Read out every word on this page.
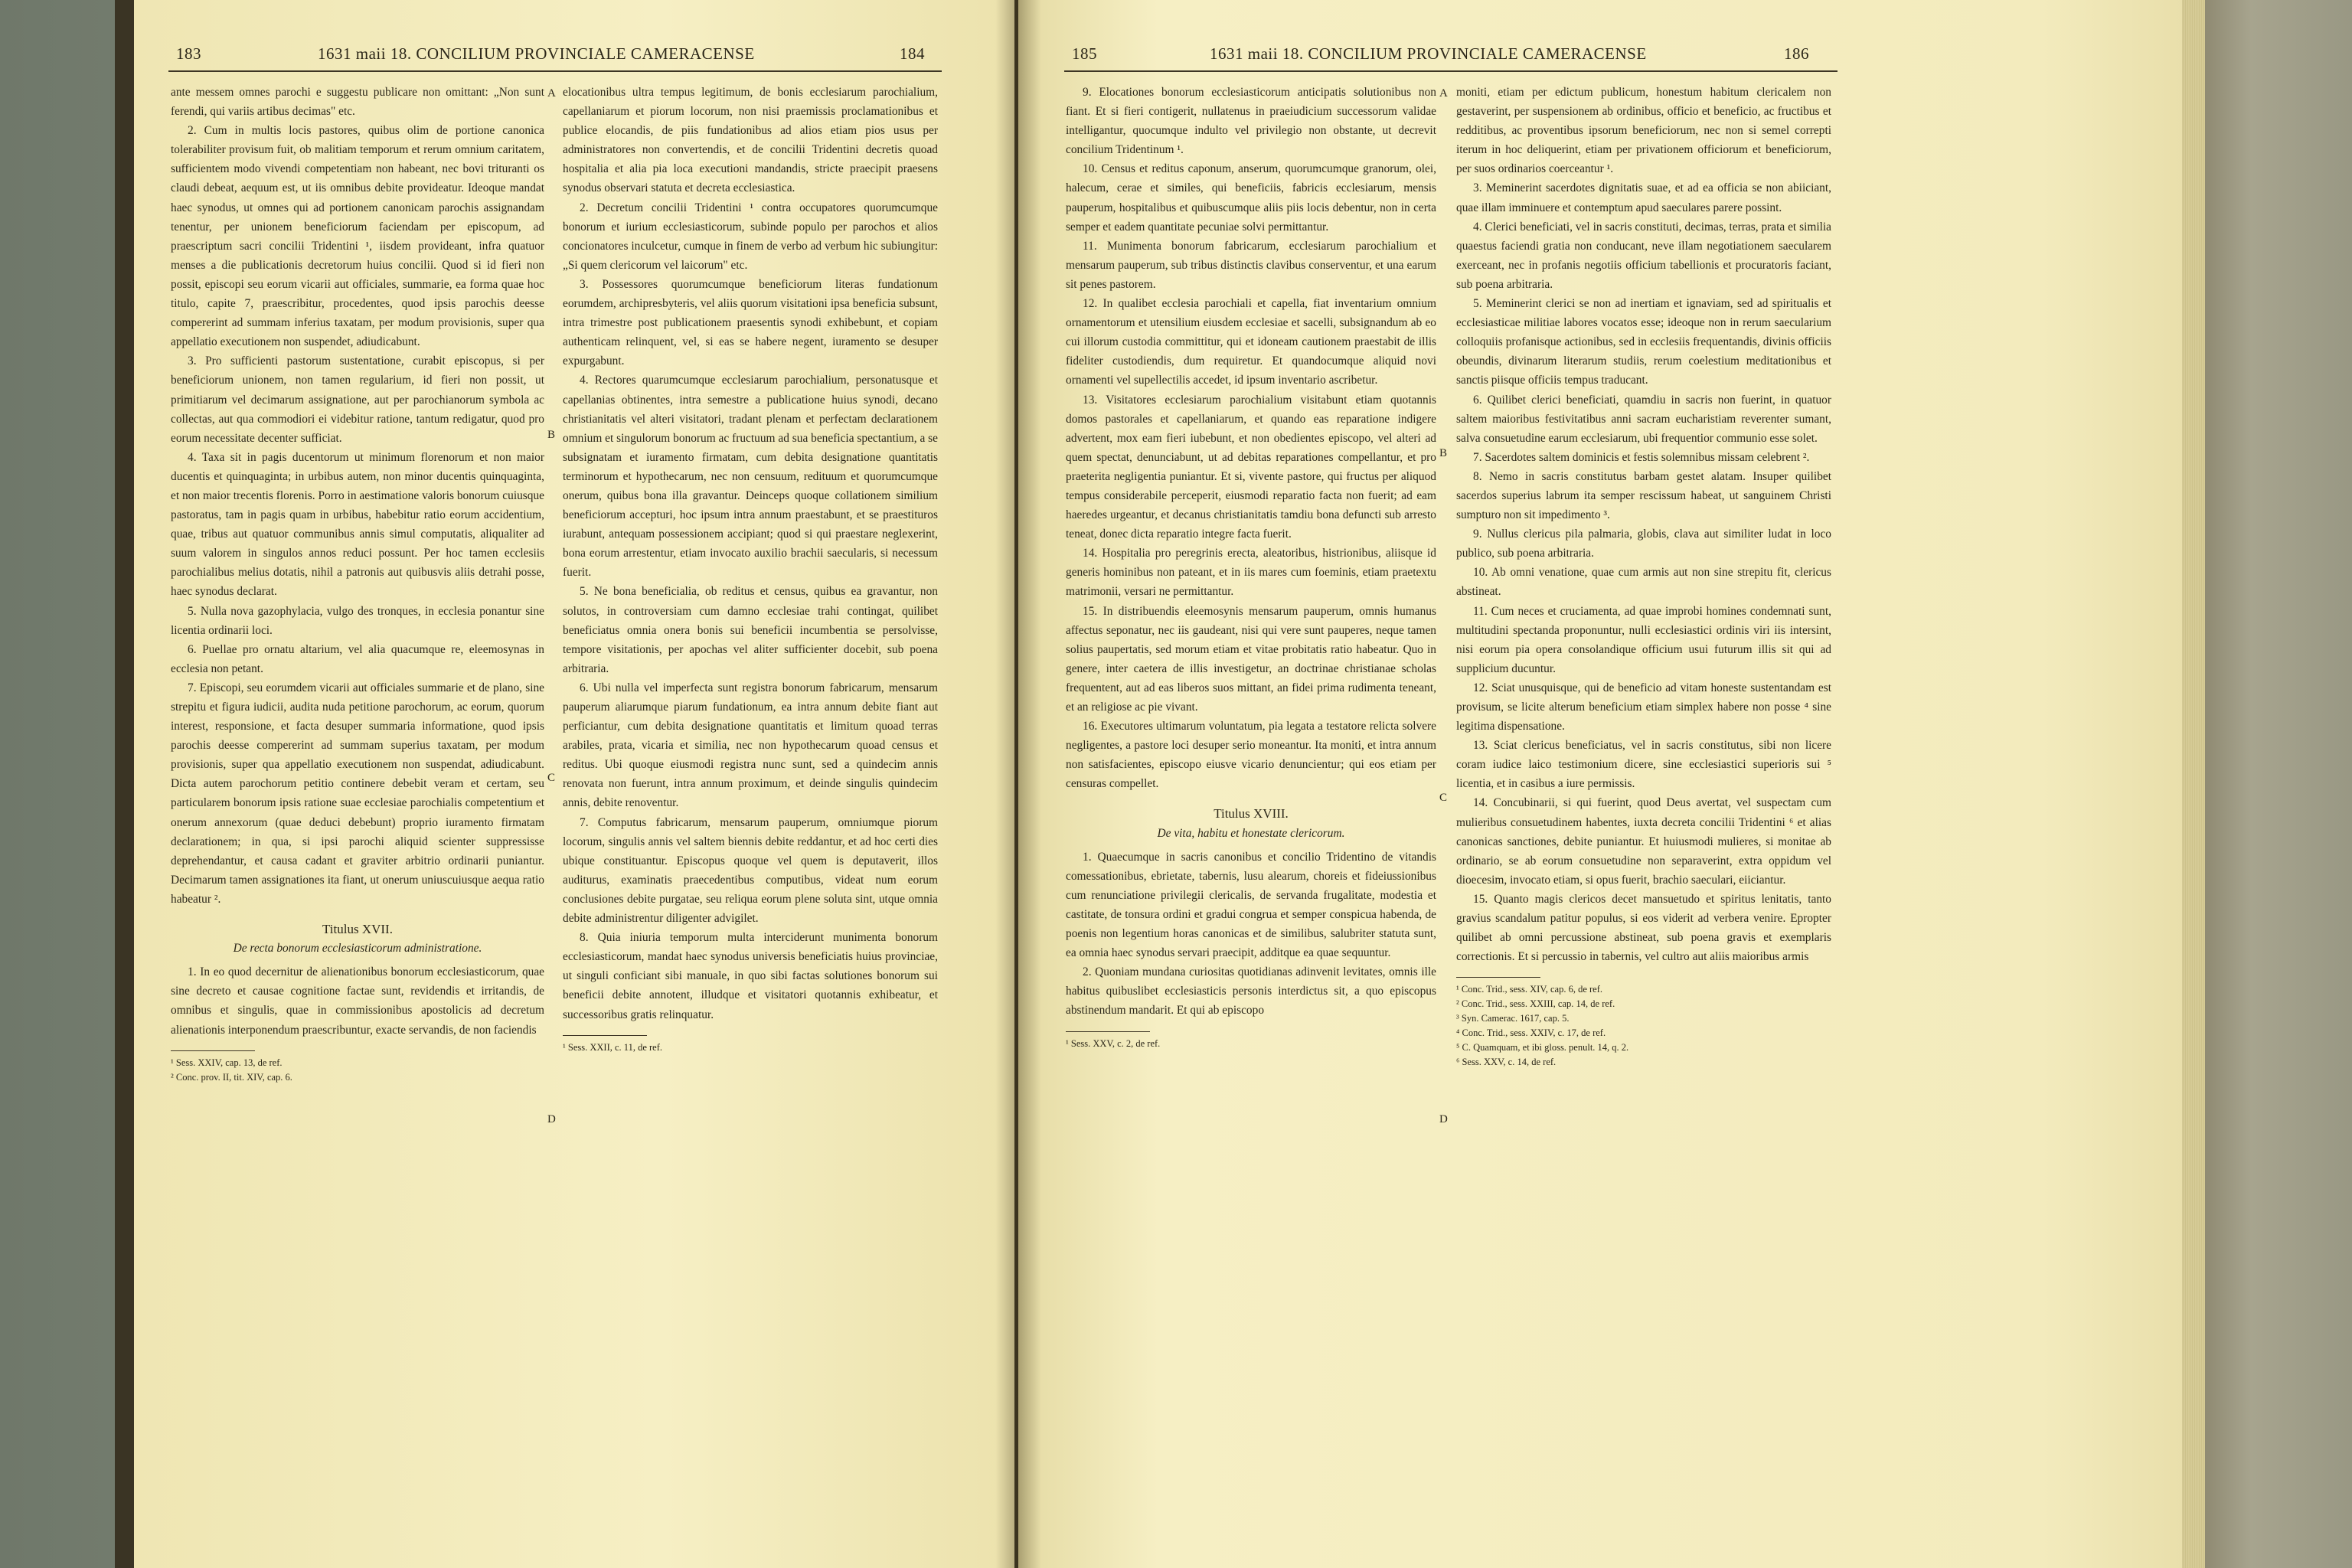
183	1631 maii 18. CONCILIUM PROVINCIALE CAMERACENSE	184

ante messem omnes parochi e suggestu publicare non omittant: „Non sunt ferendi, qui variis artibus decimas" etc.

2. Cum in multis locis pastores, quibus olim de portione canonica tolerabiliter provisum fuit, ob malitiam temporum et rerum omnium caritatem, sufficientem modo vivendi competentiam non habeant, nec bovi trituranti os claudi debeat, aequum est, ut iis omnibus debite provideatur. Ideoque mandat haec synodus, ut omnes qui ad portionem canonicam parochis assignandam tenentur, per unionem beneficiorum faciendam per episcopum, ad praescriptum sacri concilii Tridentini ¹, iisdem provideant, infra quatuor menses a die publicationis decretorum huius concilii. Quod si id fieri non possit, episcopi seu eorum vicarii aut officiales, summarie, ea forma quae hoc titulo, capite 7, praescribitur, procedentes, quod ipsis parochis deesse compererint ad summam inferius taxatam, per modum provisionis, super qua appellatio executionem non suspendet, adiudicabunt.

3. Pro sufficienti pastorum sustentatione, curabit episcopus, si per beneficiorum unionem, non tamen regularium, id fieri non possit, ut primitiarum vel decimarum assignatione, aut per parochianorum symbola ac collectas, aut qua commodiori ei videbitur ratione, tantum redigatur, quod pro eorum necessitate decenter sufficiat.

4. Taxa sit in pagis ducentorum ut minimum florenorum et non maior ducentis et quinquaginta; in urbibus autem, non minor ducentis quinquaginta, et non maior trecentis florenis. Porro in aestimatione valoris bonorum cuiusque pastoratus, tam in pagis quam in urbibus, habebitur ratio eorum accidentium, quae, tribus aut quatuor communibus annis simul computatis, aliqualiter ad suum valorem in singulos annos reduci possunt. Per hoc tamen ecclesiis parochialibus melius dotatis, nihil a patronis aut quibusvis aliis detrahi posse, haec synodus declarat.

5. Nulla nova gazophylacia, vulgo des tronques, in ecclesia ponantur sine licentia ordinarii loci.

6. Puellae pro ornatu altarium, vel alia quacumque re, eleemosynas in ecclesia non petant.

7. Episcopi, seu eorumdem vicarii aut officiales summarie et de plano, sine strepitu et figura iudicii, audita nuda petitione parochorum, ac eorum, quorum interest, responsione, et facta desuper summaria informatione, quod ipsis parochis deesse compererint ad summam superius taxatam, per modum provisionis, super qua appellatio executionem non suspendat, adiudicabunt. Dicta autem parochorum petitio continere debebit veram et certam, seu particularem bonorum ipsis ratione suae ecclesiae parochialis competentium et onerum annexorum (quae deduci debebunt) proprio iuramento firmatam declarationem; in qua, si ipsi parochi aliquid scienter suppressisse deprehendantur, et causa cadant et graviter arbitrio ordinarii puniantur. Decimarum tamen assignationes ita fiant, ut onerum uniuscuiusque aequa ratio habeatur ².

Titulus XVII.

De recta bonorum ecclesiasticorum administratione.

1. In eo quod decernitur de alienationibus bonorum ecclesiasticorum, quae sine decreto et causae cognitione factae sunt, revidendis et irritandis, de omnibus et singulis, quae in commissionibus apostolicis ad decretum alienationis interponendum praescribuntur, exacte servandis, de non faciendis

¹ Sess. XXIV, cap. 13, de ref.

² Conc. prov. II, tit. XIV, cap. 6.

A
B
C
D

elocationibus ultra tempus legitimum, de bonis ecclesiarum parochialium, capellaniarum et piorum locorum, non nisi praemissis proclamationibus et publice elocandis, de piis fundationibus ad alios etiam pios usus per administratores non convertendis, et de concilii Tridentini decretis quoad hospitalia et alia pia loca executioni mandandis, stricte praecipit praesens synodus observari statuta et decreta ecclesiastica.

2. Decretum concilii Tridentini ¹ contra occupatores quorumcumque bonorum et iurium ecclesiasticorum, subinde populo per parochos et alios concionatores inculcetur, cumque in finem de verbo ad verbum hic subiungitur: „Si quem clericorum vel laicorum" etc.

3. Possessores quorumcumque beneficiorum literas fundationum eorumdem, archipresbyteris, vel aliis quorum visitationi ipsa beneficia subsunt, intra trimestre post publicationem praesentis synodi exhibebunt, et copiam authenticam relinquent, vel, si eas se habere negent, iuramento se desuper expurgabunt.

4. Rectores quarumcumque ecclesiarum parochialium, personatusque et capellanias obtinentes, intra semestre a publicatione huius synodi, decano christianitatis vel alteri visitatori, tradant plenam et perfectam declarationem omnium et singulorum bonorum ac fructuum ad sua beneficia spectantium, a se subsignatam et iuramento firmatam, cum debita designatione quantitatis terminorum et hypothecarum, nec non censuum, redituum et quorumcumque onerum, quibus bona illa gravantur. Deinceps quoque collationem similium beneficiorum accepturi, hoc ipsum intra annum praestabunt, et se praestituros iurabunt, antequam possessionem accipiant; quod si qui praestare neglexerint, bona eorum arrestentur, etiam invocato auxilio brachii saecularis, si necessum fuerit.

5. Ne bona beneficialia, ob reditus et census, quibus ea gravantur, non solutos, in controversiam cum damno ecclesiae trahi contingat, quilibet beneficiatus omnia onera bonis sui beneficii incumbentia se persolvisse, tempore visitationis, per apochas vel aliter sufficienter docebit, sub poena arbitraria.

6. Ubi nulla vel imperfecta sunt registra bonorum fabricarum, mensarum pauperum aliarumque piarum fundationum, ea intra annum debite fiant aut perficiantur, cum debita designatione quantitatis et limitum quoad terras arabiles, prata, vicaria et similia, nec non hypothecarum quoad census et reditus. Ubi quoque eiusmodi registra nunc sunt, sed a quindecim annis renovata non fuerunt, intra annum proximum, et deinde singulis quindecim annis, debite renoventur.

7. Computus fabricarum, mensarum pauperum, omniumque piorum locorum, singulis annis vel saltem biennis debite reddantur, et ad hoc certi dies ubique constituantur. Episcopus quoque vel quem is deputaverit, illos auditurus, examinatis praecedentibus computibus, videat num eorum conclusiones debite purgatae, seu reliqua eorum plene soluta sint, utque omnia debite administrentur diligenter advigilet.

8. Quia iniuria temporum multa interciderunt munimenta bonorum ecclesiasticorum, mandat haec synodus universis beneficiatis huius provinciae, ut singuli conficiant sibi manuale, in quo sibi factas solutiones bonorum sui beneficii debite annotent, illudque et visitatori quotannis exhibeatur, et successoribus gratis relinquatur.

¹ Sess. XXII, c. 11, de ref.

185	1631 maii 18. CONCILIUM PROVINCIALE CAMERACENSE	186

9. Elocationes bonorum ecclesiasticorum anticipatis solutionibus non fiant. Et si fieri contigerit, nullatenus in praeiudicium successorum validae intelligantur, quocumque indulto vel privilegio non obstante, ut decrevit concilium Tridentinum ¹.

10. Census et reditus caponum, anserum, quorumcumque granorum, olei, halecum, cerae et similes, qui beneficiis, fabricis ecclesiarum, mensis pauperum, hospitalibus et quibuscumque aliis piis locis debentur, non in certa semper et eadem quantitate pecuniae solvi permittantur.

11. Munimenta bonorum fabricarum, ecclesiarum parochialium et mensarum pauperum, sub tribus distinctis clavibus conserventur, et una earum sit penes pastorem.

12. In qualibet ecclesia parochiali et capella, fiat inventarium omnium ornamentorum et utensilium eiusdem ecclesiae et sacelli, subsignandum ab eo cui illorum custodia committitur, qui et idoneam cautionem praestabit de illis fideliter custodiendis, dum requiretur. Et quandocumque aliquid novi ornamenti vel supellectilis accedet, id ipsum inventario ascribetur.

13. Visitatores ecclesiarum parochialium visitabunt etiam quotannis domos pastorales et capellaniarum, et quando eas reparatione indigere advertent, mox eam fieri iubebunt, et non obedientes episcopo, vel alteri ad quem spectat, denunciabunt, ut ad debitas reparationes compellantur, et pro praeterita negligentia puniantur. Et si, vivente pastore, qui fructus per aliquod tempus considerabile perceperit, eiusmodi reparatio facta non fuerit; ad eam haeredes urgeantur, et decanus christianitatis tamdiu bona defuncti sub arresto teneat, donec dicta reparatio integre facta fuerit.

14. Hospitalia pro peregrinis erecta, aleatoribus, histrionibus, aliisque id generis hominibus non pateant, et in iis mares cum foeminis, etiam praetextu matrimonii, versari ne permittantur.

15. In distribuendis eleemosynis mensarum pauperum, omnis humanus affectus seponatur, nec iis gaudeant, nisi qui vere sunt pauperes, neque tamen solius paupertatis, sed morum etiam et vitae probitatis ratio habeatur. Quo in genere, inter caetera de illis investigetur, an doctrinae christianae scholas frequentent, aut ad eas liberos suos mittant, an fidei prima rudimenta teneant, et an religiose ac pie vivant.

16. Executores ultimarum voluntatum, pia legata a testatore relicta solvere negligentes, a pastore loci desuper serio moneantur. Ita moniti, et intra annum non satisfacientes, episcopo eiusve vicario denuncientur; qui eos etiam per censuras compellet.

Titulus XVIII.

De vita, habitu et honestate clericorum.

1. Quaecumque in sacris canonibus et concilio Tridentino de vitandis comessationibus, ebrietate, tabernis, lusu alearum, choreis et fideiussionibus cum renunciatione privilegii clericalis, de servanda frugalitate, modestia et castitate, de tonsura ordini et gradui congrua et semper conspicua habenda, de poenis non legentium horas canonicas et de similibus, salubriter statuta sunt, ea omnia haec synodus servari praecipit, additque ea quae sequuntur.

2. Quoniam mundana curiositas quotidianas adinvenit levitates, omnis ille habitus quibuslibet ecclesiasticis personis interdictus sit, a quo episcopus abstinendum mandarit. Et qui ab episcopo

¹ Sess. XXV, c. 2, de ref.

A
B
C
D

moniti, etiam per edictum publicum, honestum habitum clericalem non gestaverint, per suspensionem ab ordinibus, officio et beneficio, ac fructibus et redditibus, ac proventibus ipsorum beneficiorum, nec non si semel correpti iterum in hoc deliquerint, etiam per privationem officiorum et beneficiorum, per suos ordinarios coerceantur ¹.

3. Meminerint sacerdotes dignitatis suae, et ad ea officia se non abiiciant, quae illam imminuere et contemptum apud saeculares parere possint.

4. Clerici beneficiati, vel in sacris constituti, decimas, terras, prata et similia quaestus faciendi gratia non conducant, neve illam negotiationem saecularem exerceant, nec in profanis negotiis officium tabellionis et procuratoris faciant, sub poena arbitraria.

5. Meminerint clerici se non ad inertiam et ignaviam, sed ad spiritualis et ecclesiasticae militiae labores vocatos esse; ideoque non in rerum saecularium colloquiis profanisque actionibus, sed in ecclesiis frequentandis, divinis officiis obeundis, divinarum literarum studiis, rerum coelestium meditationibus et sanctis piisque officiis tempus traducant.

6. Quilibet clerici beneficiati, quamdiu in sacris non fuerint, in quatuor saltem maioribus festivitatibus anni sacram eucharistiam reverenter sumant, salva consuetudine earum ecclesiarum, ubi frequentior communio esse solet.

7. Sacerdotes saltem dominicis et festis solemnibus missam celebrent ².

8. Nemo in sacris constitutus barbam gestet alatam. Insuper quilibet sacerdos superius labrum ita semper rescissum habeat, ut sanguinem Christi sumpturo non sit impedimento ³.

9. Nullus clericus pila palmaria, globis, clava aut similiter ludat in loco publico, sub poena arbitraria.

10. Ab omni venatione, quae cum armis aut non sine strepitu fit, clericus abstineat.

11. Cum neces et cruciamenta, ad quae improbi homines condemnati sunt, multitudini spectanda proponuntur, nulli ecclesiastici ordinis viri iis intersint, nisi eorum pia opera consolandique officium usui futurum illis sit qui ad supplicium ducuntur.

12. Sciat unusquisque, qui de beneficio ad vitam honeste sustentandam est provisum, se licite alterum beneficium etiam simplex habere non posse ⁴ sine legitima dispensatione.

13. Sciat clericus beneficiatus, vel in sacris constitutus, sibi non licere coram iudice laico testimonium dicere, sine ecclesiastici superioris sui ⁵ licentia, et in casibus a iure permissis.

14. Concubinarii, si qui fuerint, quod Deus avertat, vel suspectam cum mulieribus consuetudinem habentes, iuxta decreta concilii Tridentini ⁶ et alias canonicas sanctiones, debite puniantur. Et huiusmodi mulieres, si monitae ab ordinario, se ab eorum consuetudine non separaverint, extra oppidum vel dioecesim, invocato etiam, si opus fuerit, brachio saeculari, eiiciantur.

15. Quanto magis clericos decet mansuetudo et spiritus lenitatis, tanto gravius scandalum patitur populus, si eos viderit ad verbera venire. Epropter quilibet ab omni percussione abstineat, sub poena gravis et exemplaris correctionis. Et si percussio in tabernis, vel cultro aut aliis maioribus armis

¹ Conc. Trid., sess. XIV, cap. 6, de ref.

² Conc. Trid., sess. XXIII, cap. 14, de ref.

³ Syn. Camerac. 1617, cap. 5.

⁴ Conc. Trid., sess. XXIV, c. 17, de ref.

⁵ C. Quamquam, et ibi gloss. penult. 14, q. 2.

⁶ Sess. XXV, c. 14, de ref.
